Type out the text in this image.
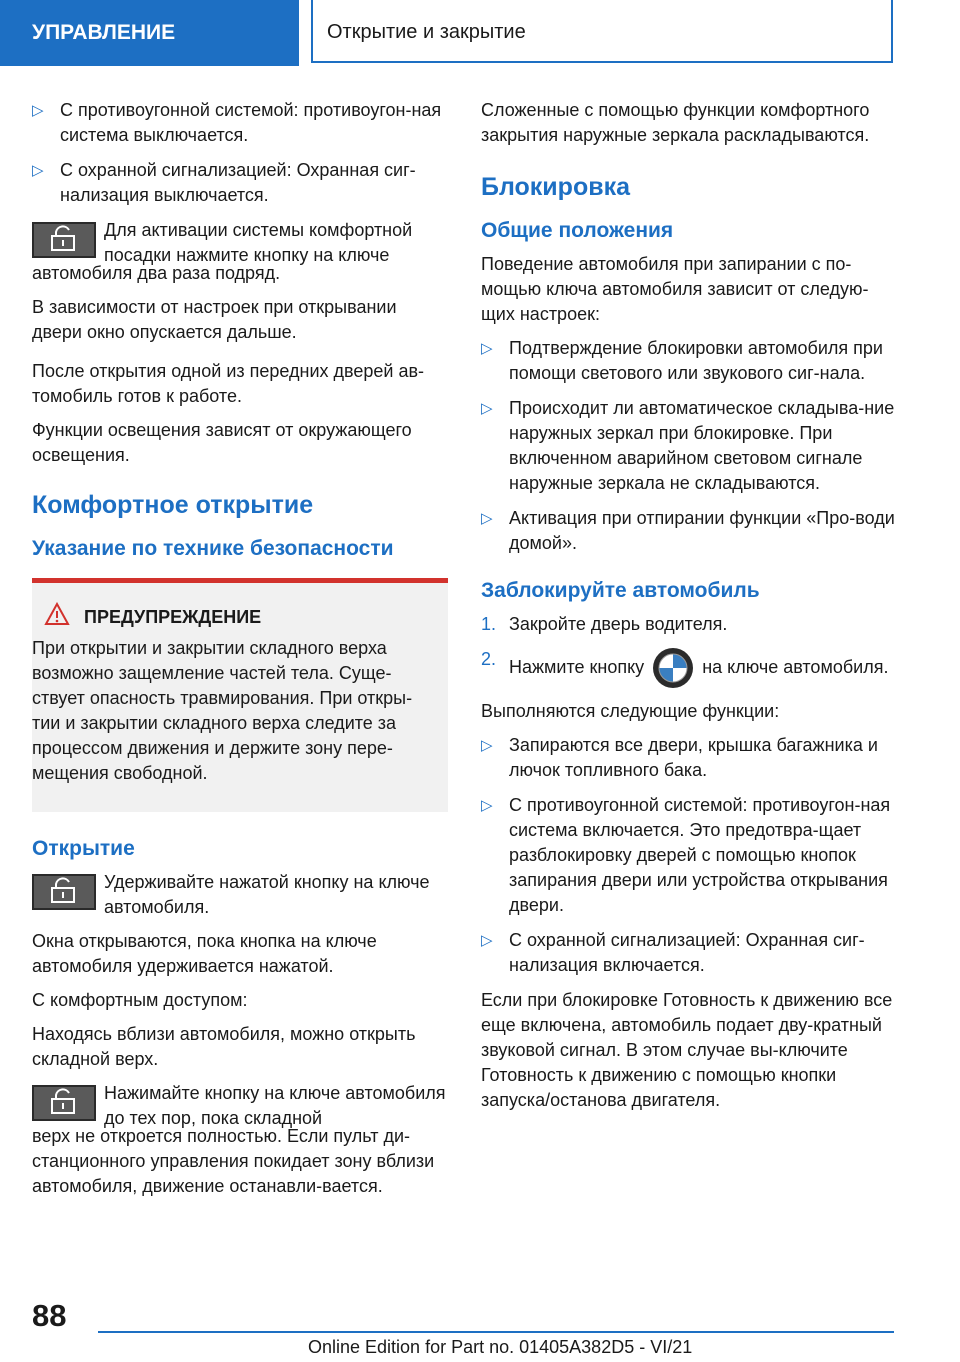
УПРАВЛЕНИЕ	Открытие и закрытие
▷ С противоугонной системой: противоугон-ная система выключается.
▷ С охранной сигнализацией: Охранная сиг-нализация выключается.
Для активации системы комфортной посадки нажмите кнопку на ключе

автомобиля два раза подряд.

В зависимости от настроек при открывании двери окно опускается дальше.

После открытия одной из передних дверей ав-томобиль готов к работе.

Функции освещения зависят от окружающего освещения.

Комфортное открытие
Указание по технике безопасности
ПРЕДУПРЕЖДЕНИЕ
При открытии и закрытии складного верха возможно защемление частей тела. Суще-ствует опасность травмирования. При откры-тии и закрытии складного верха следите за процессом движения и держите зону пере-мещения свободной.
Открытие
Удерживайте нажатой кнопку на ключе автомобиля.

Окна открываются, пока кнопка на ключе автомобиля удерживается нажатой.

С комфортным доступом:

Находясь вблизи автомобиля, можно открыть складной верх.

Нажимайте кнопку на ключе автомобиля до тех пор, пока складной

верх не откроется полностью. Если пульт ди-станционного управления покидает зону вблизи автомобиля, движение останавли-вается.

Сложенные с помощью функции комфортного закрытия наружные зеркала раскладываются.

Блокировка
Общие положения

Поведение автомобиля при запирании с по-мощью ключа автомобиля зависит от следую-щих настроек:

▷ Подтверждение блокировки автомобиля при помощи светового или звукового сиг-нала.
▷ Происходит ли автоматическое складыва-ние наружных зеркал при блокировке. При включенном аварийном световом сигнале наружные зеркала не складываются.
▷ Активация при отпирании функции «Про-води домой».
Заблокируйте автомобиль
1. Закройте дверь водителя.
2. Нажмите кнопку	на ключе автомобиля.

Выполняются следующие функции:

▷ Запираются все двери, крышка багажника и лючок топливного бака.
▷ С противоугонной системой: противоугон-ная система включается. Это предотвра-щает разблокировку дверей с помощью кнопок запирания двери или устройства открывания двери.
▷ С охранной сигнализацией: Охранная сиг-нализация включается.

Если при блокировке Готовность к движению все еще включена, автомобиль подает дву-кратный звуковой сигнал. В этом случае вы-ключите Готовность к движению с помощью кнопки запуска/останова двигателя.

88
Online Edition for Part no. 01405A382D5 - VI/21
